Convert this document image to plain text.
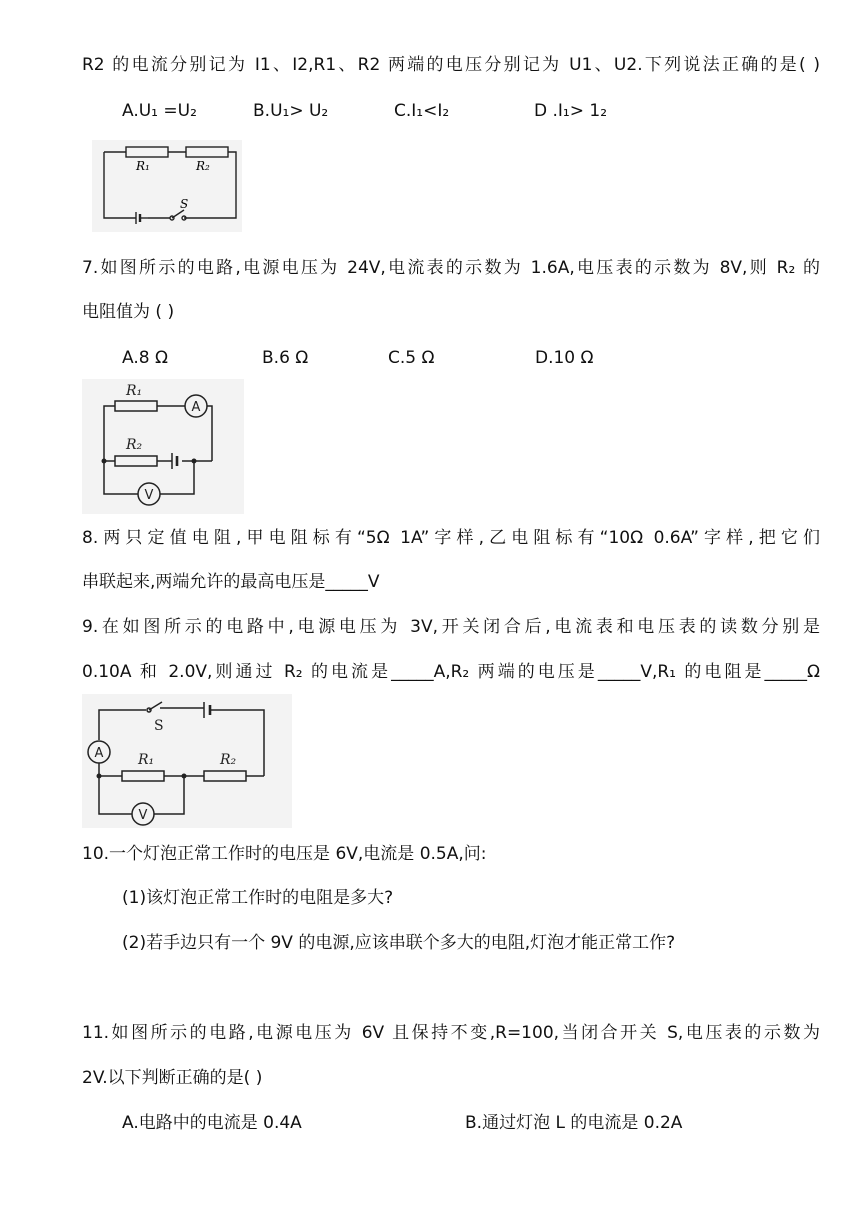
R2 的电流分别记为 I1、I2,R1、R2 两端的电压分别记为 U1、U2.下列说法正确的是( )
A.U₁ =U₂	B.U₁> U₂	C.I₁<I₂	D .I₁> 1₂
R₁	R₂
S
7.如图所示的电路,电源电压为 24V,电流表的示数为 1.6A,电压表的示数为 8V,则 R₂ 的
电阻值为 ( )
A.8 Ω	B.6 Ω	C.5 Ω	D.10 Ω
A
V
R₁
R₂
8.两只定值电阻,甲电阻标有“5Ω 1A”字样,乙电阻标有“10Ω 0.6A”字样,把它们
串联起来,两端允许的最高电压是_____V
9.在如图所示的电路中,电源电压为 3V,开关闭合后,电流表和电压表的读数分别是
0.10A 和 2.0V,则通过 R₂ 的电流是_____A,R₂ 两端的电压是_____V,R₁ 的电阻是_____Ω
A
V
S
R₁	R₂
10.一个灯泡正常工作时的电压是 6V,电流是 0.5A,问:
(1)该灯泡正常工作时的电阻是多大?
(2)若手边只有一个 9V 的电源,应该串联个多大的电阻,灯泡才能正常工作?
11.如图所示的电路,电源电压为 6V 且保持不变,R=100,当闭合开关 S,电压表的示数为
2V.以下判断正确的是( )
A.电路中的电流是 0.4A	B.通过灯泡 L 的电流是 0.2A
